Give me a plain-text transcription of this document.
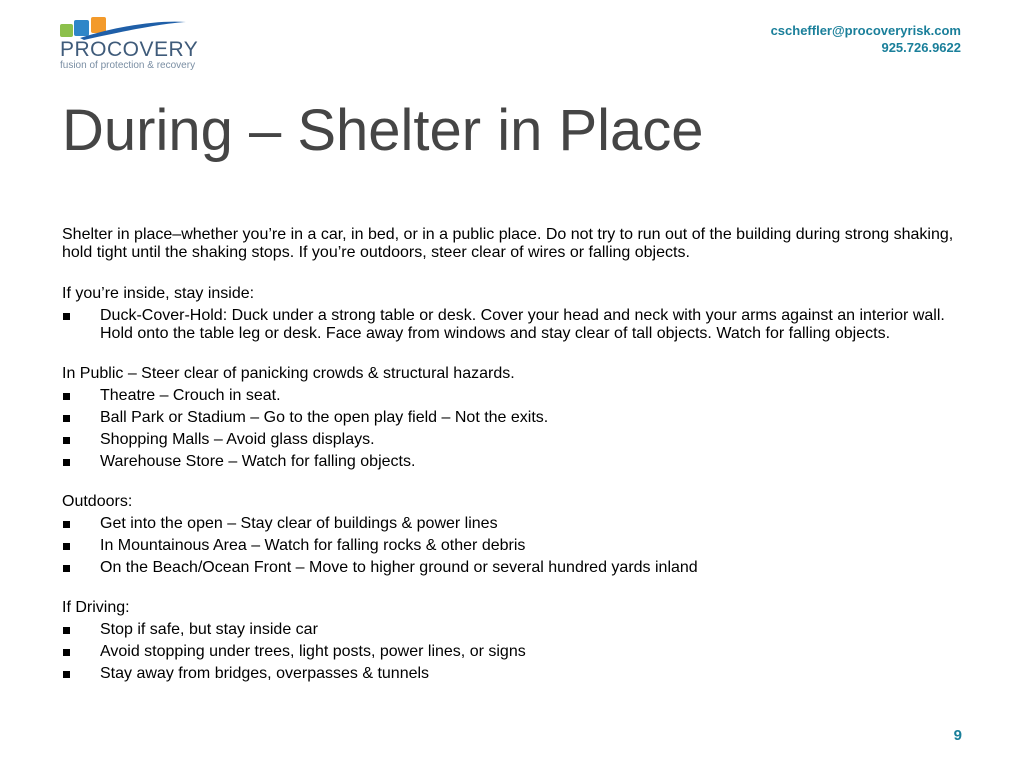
PROCOVERY
fusion of protection & recovery
cscheffler@procoveryrisk.com
925.726.9622
During – Shelter in Place

Shelter in place–whether you’re in a car, in bed, or in a public place. Do not try to run out of the building during strong shaking, hold tight until the shaking stops. If you’re outdoors, steer clear of wires or falling objects.

If you’re inside, stay inside:

Duck-Cover-Hold: Duck under a strong table or desk. Cover your head and neck with your arms against an interior wall. Hold onto the table leg or desk. Face away from windows and stay clear of tall objects. Watch for falling objects.

In Public – Steer clear of panicking crowds & structural hazards.

Theatre – Crouch in seat.
Ball Park or Stadium – Go to the open play field – Not the exits.
Shopping Malls – Avoid glass displays.
Warehouse Store – Watch for falling objects.

Outdoors:

Get into the open – Stay clear of buildings & power lines
In Mountainous Area – Watch for falling rocks & other debris
On the Beach/Ocean Front – Move to higher ground or several hundred yards inland

If Driving:

Stop if safe, but stay inside car
Avoid stopping under trees, light posts, power lines, or signs
Stay away from bridges, overpasses & tunnels
9
